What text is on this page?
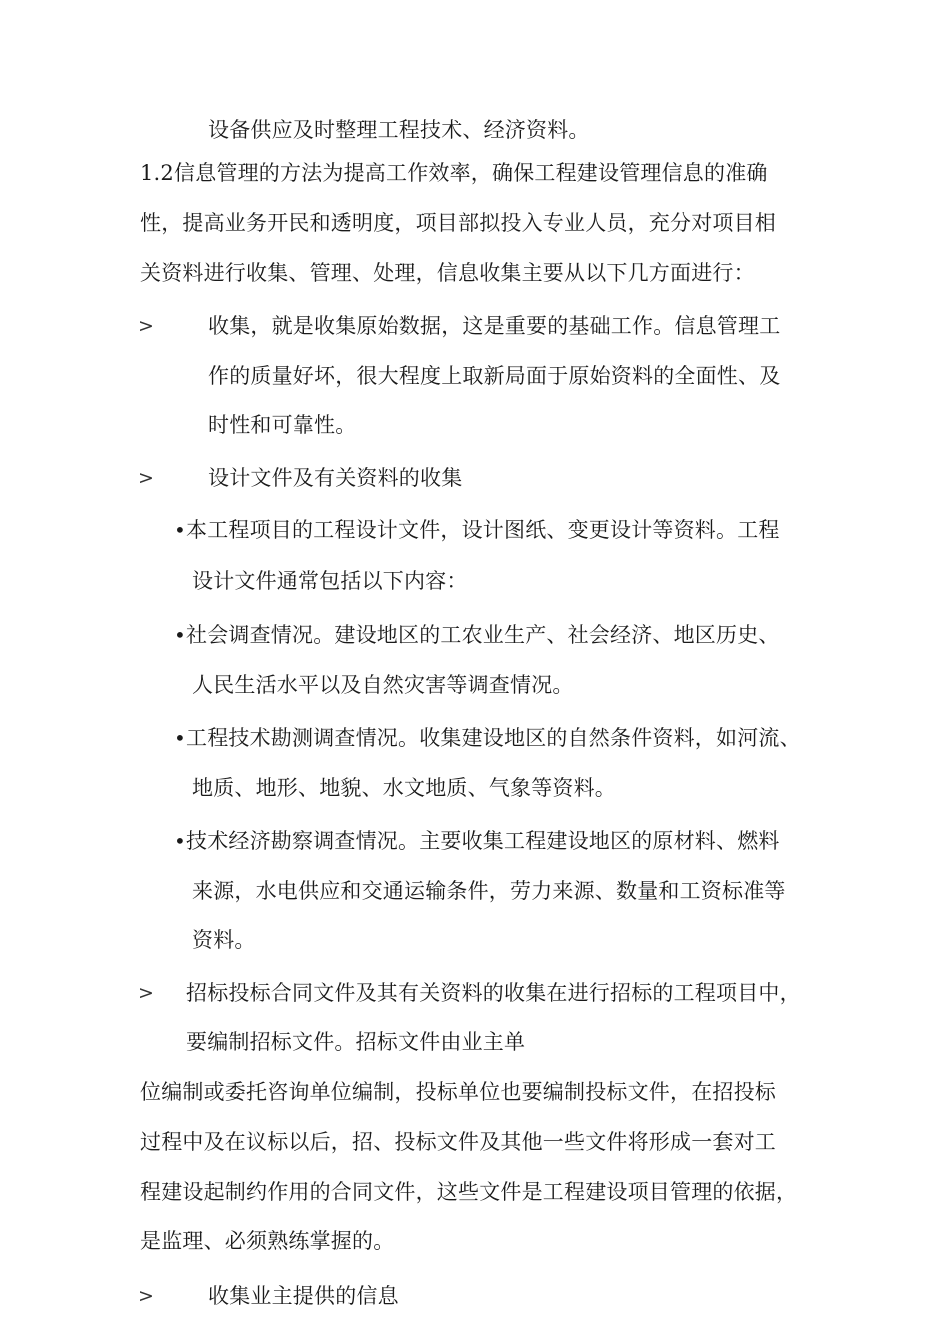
设备供应及时整理工程技术、经济资料。
1.2信息管理的方法为提高工作效率，确保工程建设管理信息的准确
性，提高业务开民和透明度，项目部拟投入专业人员，充分对项目相
关资料进行收集、管理、处理，信息收集主要从以下几方面进行：
>	收集，就是收集原始数据，这是重要的基础工作。信息管理工
作的质量好坏，很大程度上取新局面于原始资料的全面性、及
时性和可靠性。
>	设计文件及有关资料的收集
• 本工程项目的工程设计文件，设计图纸、变更设计等资料。工程
设计文件通常包括以下内容：
• 社会调查情况。建设地区的工农业生产、社会经济、地区历史、
人民生活水平以及自然灾害等调查情况。
• 工程技术勘测调查情况。收集建设地区的自然条件资料，如河流、
地质、地形、地貌、水文地质、气象等资料。
• 技术经济勘察调查情况。主要收集工程建设地区的原材料、燃料
来源，水电供应和交通运输条件，劳力来源、数量和工资标准等
资料。
> 招标投标合同文件及其有关资料的收集在进行招标的工程项目中，
要编制招标文件。招标文件由业主单
位编制或委托咨询单位编制，投标单位也要编制投标文件，在招投标
过程中及在议标以后，招、投标文件及其他一些文件将形成一套对工
程建设起制约作用的合同文件，这些文件是工程建设项目管理的依据，
是监理、必须熟练掌握的。
>	收集业主提供的信息
